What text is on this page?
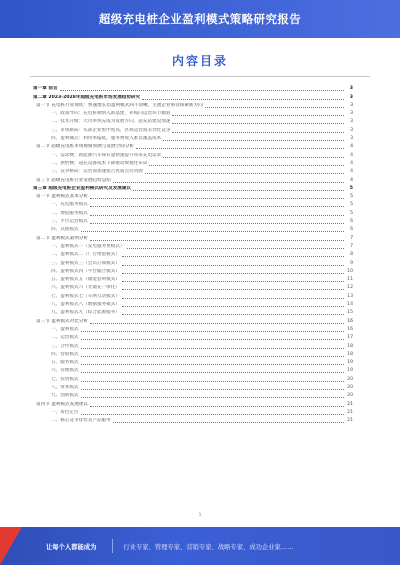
超级充电桩企业盈利模式策略研究报告
内容目录
第一章 前言	3
第二章 2023-2028年超级充电桩市场发展趋势研究	3
第一节 充电桩行业现状：快速增长但盈利模式尚不清晰，主流企业亟待探索新方向	3
一、政策导向：充电桩被纳入新基建，补贴向运营环节倾斜	3
二、技术升级：大功率快充成为发展方向，超充站建设加速	3
三、市场格局：头部企业集中度高，区域运营商差异化竞争	3
四、盈利痛点：利用率偏低，服务费收入难以覆盖成本	3
第二节 超级充电桩市场规模预测与发展空间分析	4
一、需求侧：新能源汽车保有量快速提升带来充电需求	4
二、供给侧：超充设备成本下降推动规模化布局	4
三、竞争格局：运营商加速抢占优质点位资源	4
第三节 超级充电桩行业发展趋势总结	4
第三章 超级充电桩企业盈利模式研究及发展建议	5
第一节 盈利模式基本分析	5
一、充电服务模式	5
二、增值服务模式	5
三、平台运营模式	6
四、其他模式	6
第二节 盈利模式案例分析	7
一、盈利模式一（充电服务费模式）	7
二、盈利模式二（广告增值模式）	8
三、盈利模式三（会员订阅模式）	9
四、盈利模式四（平台撮合模式）	10
五、盈利模式五（储能套利模式）	11
六、盈利模式六（光储充一体化）	12
七、盈利模式七（车网互动模式）	13
八、盈利模式八（数据服务模式）	14
九、盈利模式九（综合能源服务）	15
第三节 盈利模式对比分析	16
一、盈利模式	16
二、运营模式	17
三、合作模式	18
四、营销模式	18
五、服务模式	19
六、管理模式	19
七、投资模式	20
八、资本模式	20
九、创新模式	20
第四节 盈利模式发展建议	21
一、角色定位	21
二、核心竞争优势及产品服务	21
1
让每个人都能成为	行业专家、管理专家、营销专家、战略专家、成功企业家……
